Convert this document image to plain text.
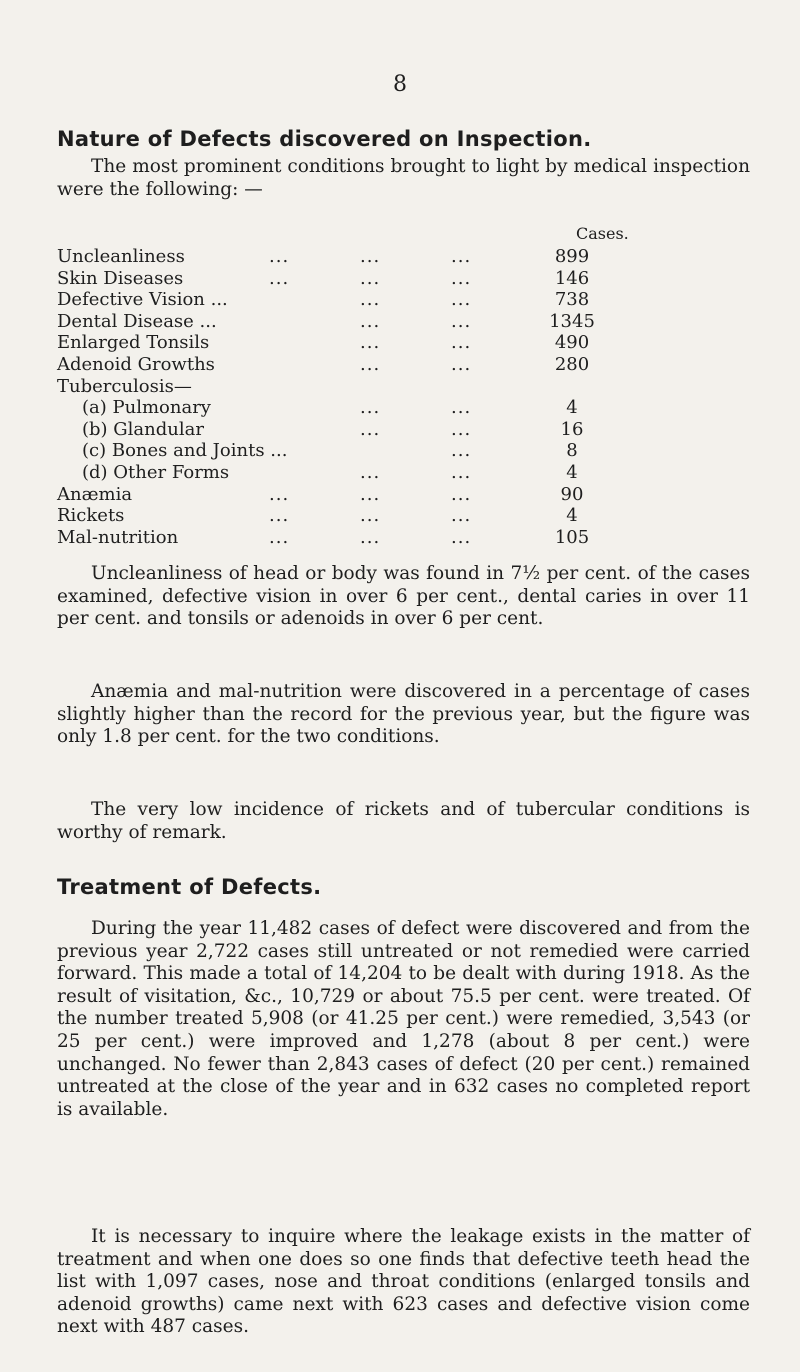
8
Nature of Defects discovered on Inspection.
The most prominent conditions brought to light by medical inspection were the following: —
Cases.
Uncleanliness	...	...	...	899
Skin Diseases	...	...	...	146
Defective Vision ...	...	...	738
Dental Disease ...	...	...	1345
Enlarged Tonsils	...	...	490
Adenoid Growths	...	...	280
Tuberculosis—
(a) Pulmonary	...	...	4
(b) Glandular	...	...	16
(c) Bones and Joints ...	...	8
(d) Other Forms	...	...	4
Anæmia	...	...	...	90
Rickets	...	...	...	4
Mal-nutrition	...	...	...	105
Uncleanliness of head or body was found in 7½ per cent. of the cases examined, defective vision in over 6 per cent., dental caries in over 11 per cent. and tonsils or adenoids in over 6 per cent.
Anæmia and mal-nutrition were discovered in a percentage of cases slightly higher than the record for the previous year, but the figure was only 1.8 per cent. for the two conditions.
The very low incidence of rickets and of tubercular conditions is worthy of remark.
Treatment of Defects.
During the year 11,482 cases of defect were discovered and from the previous year 2,722 cases still untreated or not remedied were carried forward. This made a total of 14,204 to be dealt with during 1918. As the result of visitation, &c., 10,729 or about 75.5 per cent. were treated. Of the number treated 5,908 (or 41.25 per cent.) were remedied, 3,543 (or 25 per cent.) were improved and 1,278 (about 8 per cent.) were unchanged. No fewer than 2,843 cases of defect (20 per cent.) remained untreated at the close of the year and in 632 cases no completed report is available.
It is necessary to inquire where the leakage exists in the matter of treatment and when one does so one finds that defective teeth head the list with 1,097 cases, nose and throat conditions (enlarged tonsils and adenoid growths) came next with 623 cases and defective vision come next with 487 cases.
